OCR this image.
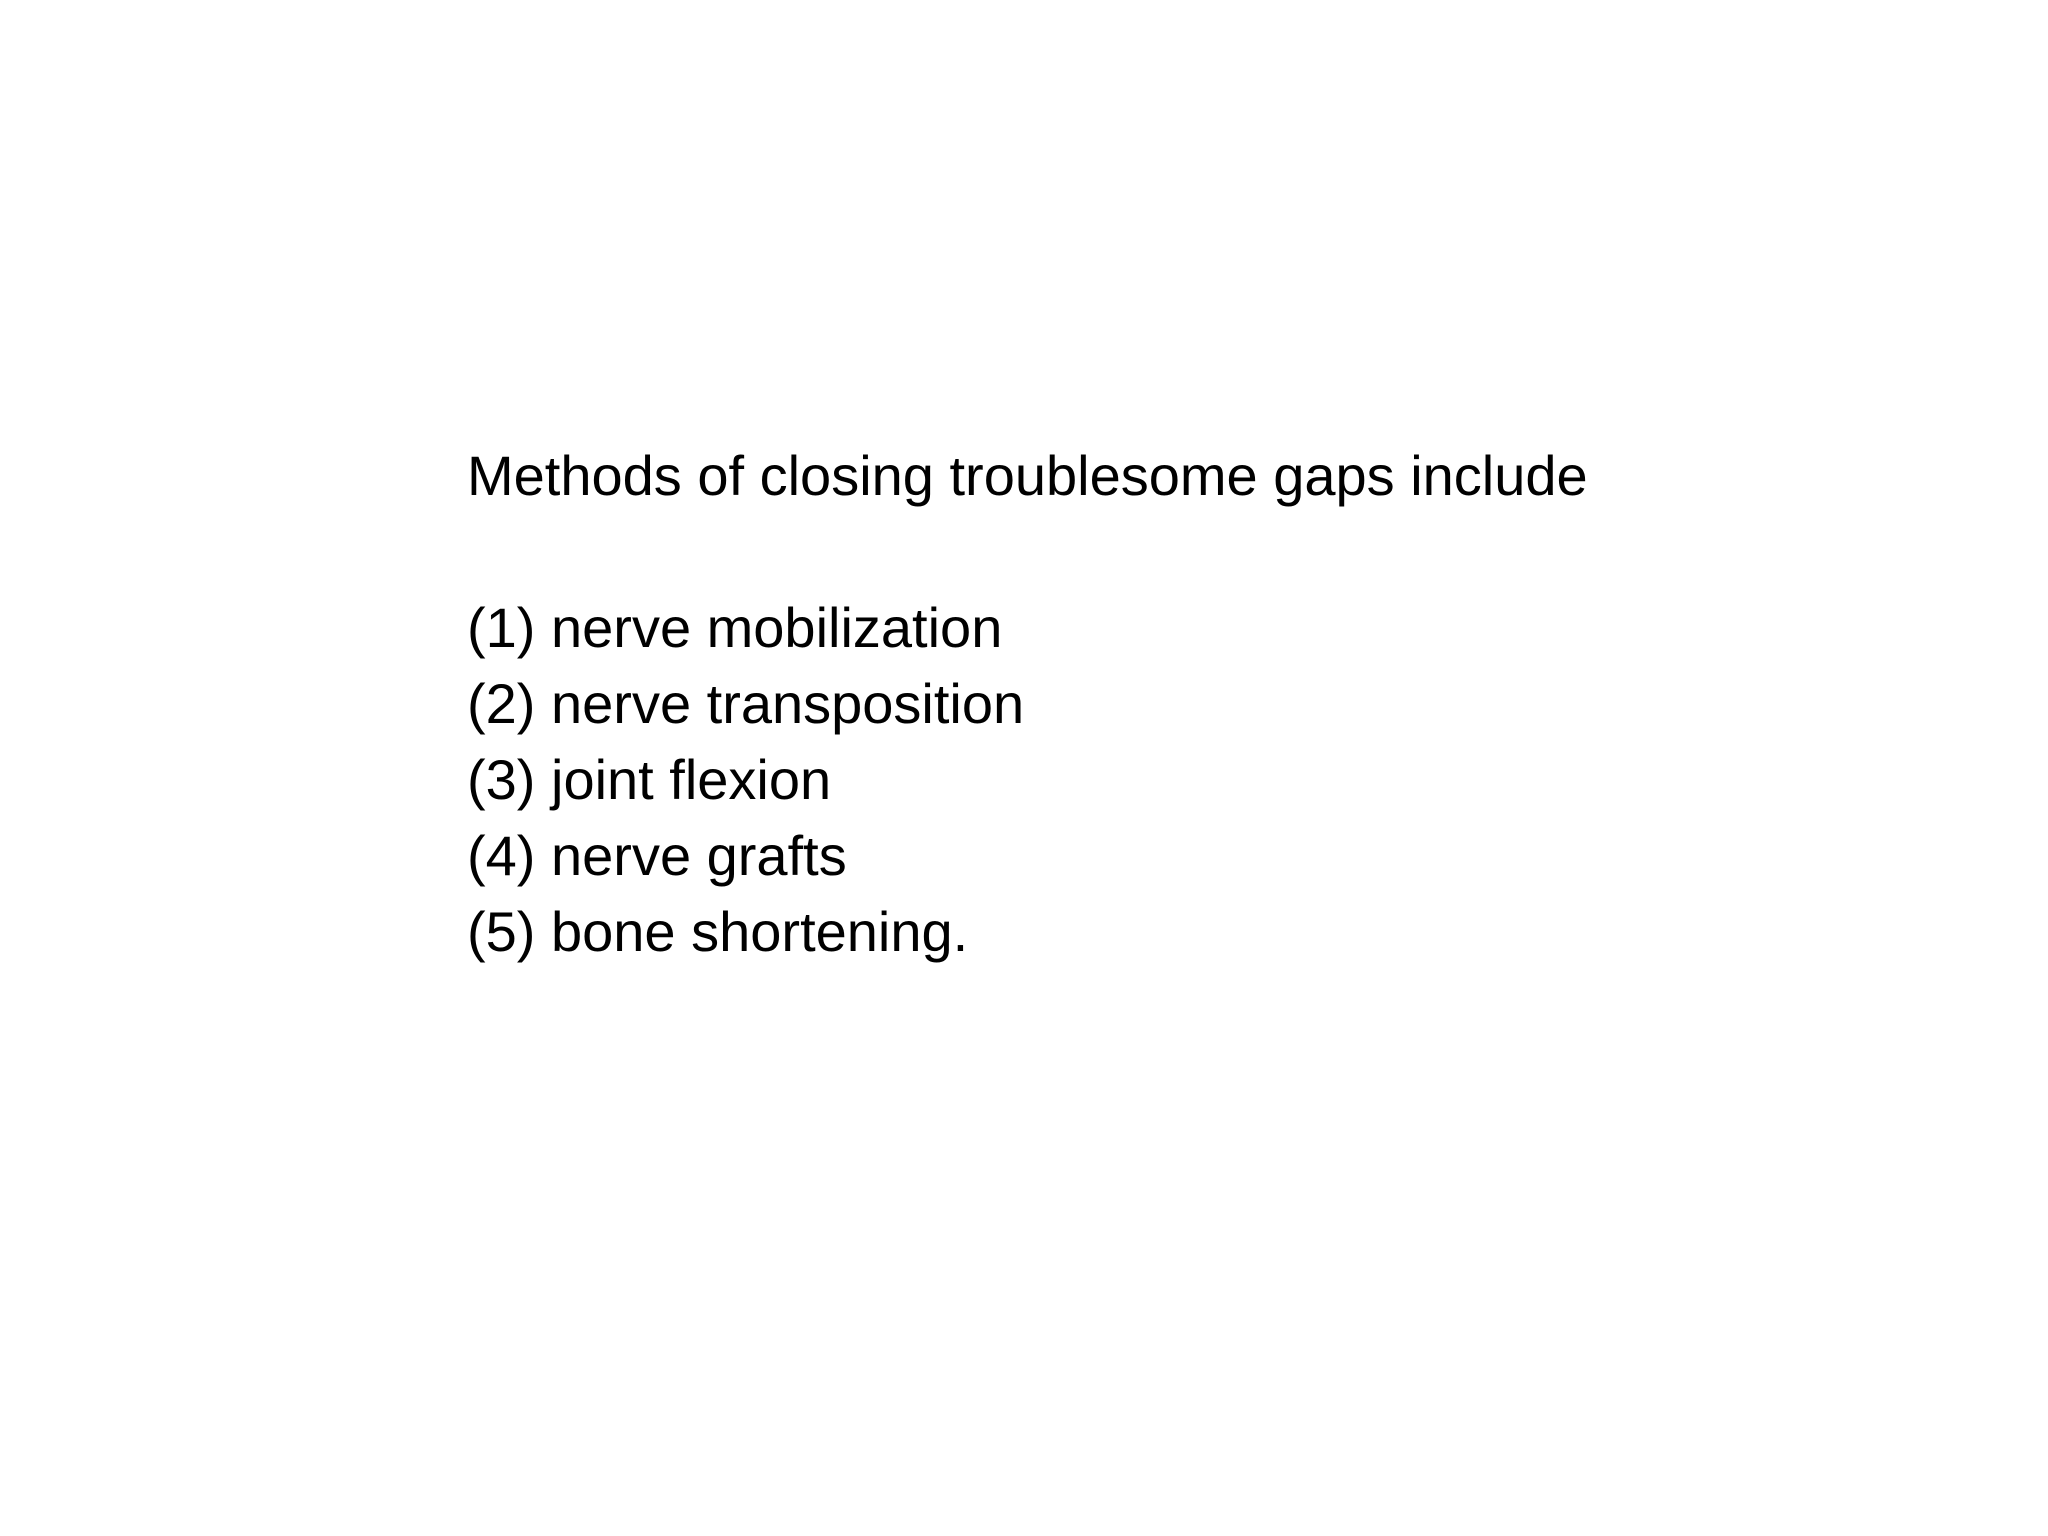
Methods of closing troublesome gaps include

(1) nerve mobilization
(2) nerve transposition
(3) joint flexion
(4) nerve grafts
(5) bone shortening.
